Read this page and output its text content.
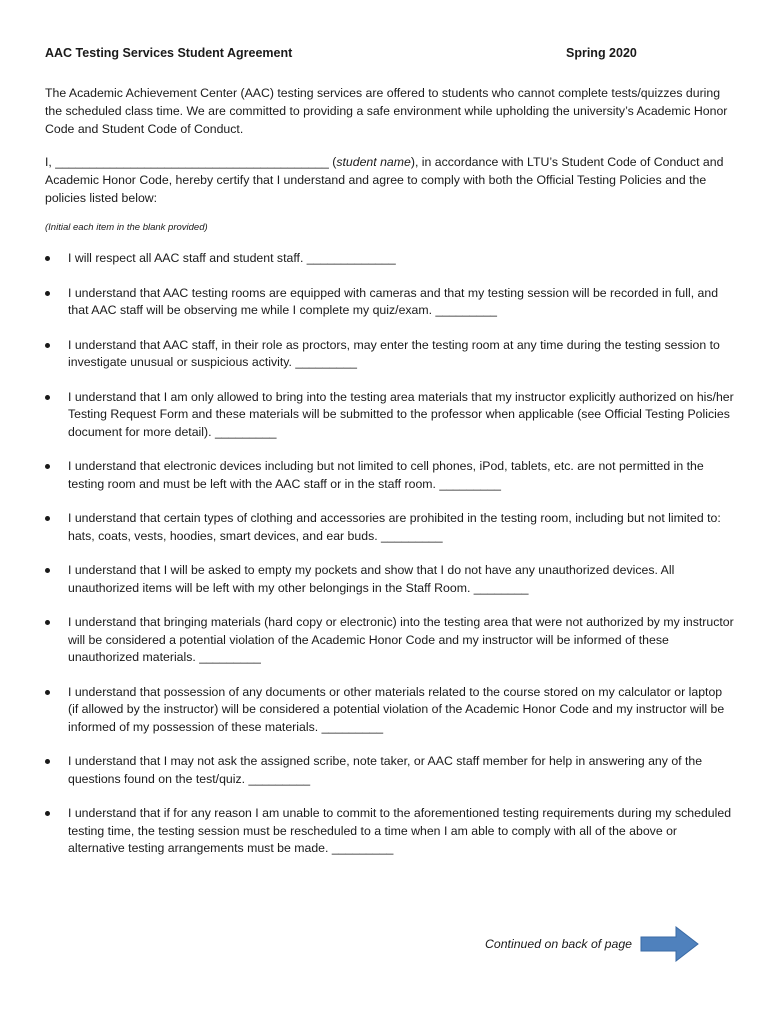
AAC Testing Services Student Agreement	Spring 2020

The Academic Achievement Center (AAC) testing services are offered to students who cannot complete tests/quizzes during the scheduled class time. We are committed to providing a safe environment while upholding the university’s Academic Honor Code and Student Code of Conduct.

I, ________________________________________ (student name), in accordance with LTU’s Student Code of Conduct and Academic Honor Code, hereby certify that I understand and agree to comply with both the Official Testing Policies and the policies listed below:

(Initial each item in the blank provided)

I will respect all AAC staff and student staff. _____________
I understand that AAC testing rooms are equipped with cameras and that my testing session will be recorded in full, and that AAC staff will be observing me while I complete my quiz/exam. _________
I understand that AAC staff, in their role as proctors, may enter the testing room at any time during the testing session to investigate unusual or suspicious activity. _________
I understand that I am only allowed to bring into the testing area materials that my instructor explicitly authorized on his/her Testing Request Form and these materials will be submitted to the professor when applicable (see Official Testing Policies document for more detail). _________
I understand that electronic devices including but not limited to cell phones, iPod, tablets, etc. are not permitted in the testing room and must be left with the AAC staff or in the staff room. _________
I understand that certain types of clothing and accessories are prohibited in the testing room, including but not limited to: hats, coats, vests, hoodies, smart devices, and ear buds. _________
I understand that I will be asked to empty my pockets and show that I do not have any unauthorized devices. All unauthorized items will be left with my other belongings in the Staff Room. ________
I understand that bringing materials (hard copy or electronic) into the testing area that were not authorized by my instructor will be considered a potential violation of the Academic Honor Code and my instructor will be informed of these unauthorized materials. _________
I understand that possession of any documents or other materials related to the course stored on my calculator or laptop (if allowed by the instructor) will be considered a potential violation of the Academic Honor Code and my instructor will be informed of my possession of these materials. _________
I understand that I may not ask the assigned scribe, note taker, or AAC staff member for help in answering any of the questions found on the test/quiz. _________
I understand that if for any reason I am unable to commit to the aforementioned testing requirements during my scheduled testing time, the testing session must be rescheduled to a time when I am able to comply with all of the above or alternative testing arrangements must be made. _________
Continued on back of page
